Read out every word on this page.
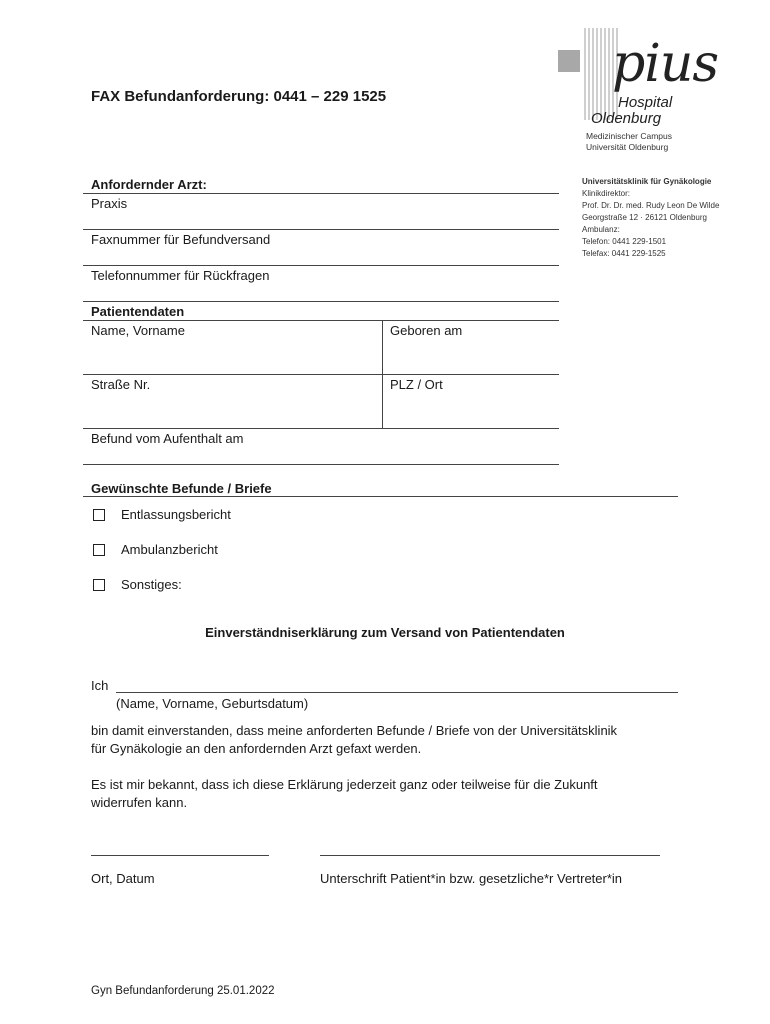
FAX Befundanforderung: 0441 – 229 1525
pius
Hospital
Oldenburg
Medizinischer Campus
Universität Oldenburg
Universitätsklinik für Gynäkologie
Klinikdirektor:
Prof. Dr. Dr. med. Rudy Leon De Wilde
Georgstraße 12 · 26121 Oldenburg
Ambulanz:
Telefon: 0441 229-1501
Telefax: 0441 229-1525
Anfordernder Arzt:
Praxis
Faxnummer für Befundversand
Telefonnummer für Rückfragen
Patientendaten
Name, Vorname	Geboren am
Straße Nr.	PLZ / Ort
Befund vom Aufenthalt am
Gewünschte Befunde / Briefe
Entlassungsbericht
Ambulanzbericht
Sonstiges:
Einverständniserklärung zum Versand von Patientendaten
Ich
(Name, Vorname, Geburtsdatum)
bin damit einverstanden, dass meine anforderten Befunde / Briefe von der Universitätsklinik
für Gynäkologie an den anfordernden Arzt gefaxt werden.
Es ist mir bekannt, dass ich diese Erklärung jederzeit ganz oder teilweise für die Zukunft
widerrufen kann.
Ort, Datum	Unterschrift Patient*in bzw. gesetzliche*r Vertreter*in
Gyn Befundanforderung 25.01.2022
